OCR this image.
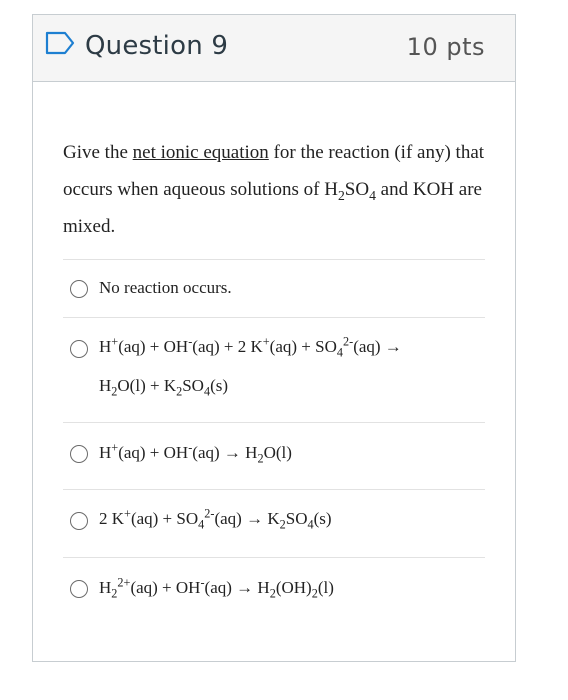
Question 9	10 pts

Give the net ionic equation for the reaction (if any) that occurs when aqueous solutions of $H_2SO_4$ and KOH are mixed.

No reaction occurs.
H+(aq) + OH-(aq) + 2 $K^+(aq) + SO_4^{2-}(aq)$ →
$H_2O(l) + K_2SO_4(s)$
$H^+(aq) + OH^-(aq) \to H_2O(l)$
2 $K^+(aq) + SO_4^{2-}(aq) \to K_2SO_4(s)$
$H_2^{2+}(aq) + OH^-(aq) \to H_2(OH)_2(l)$
